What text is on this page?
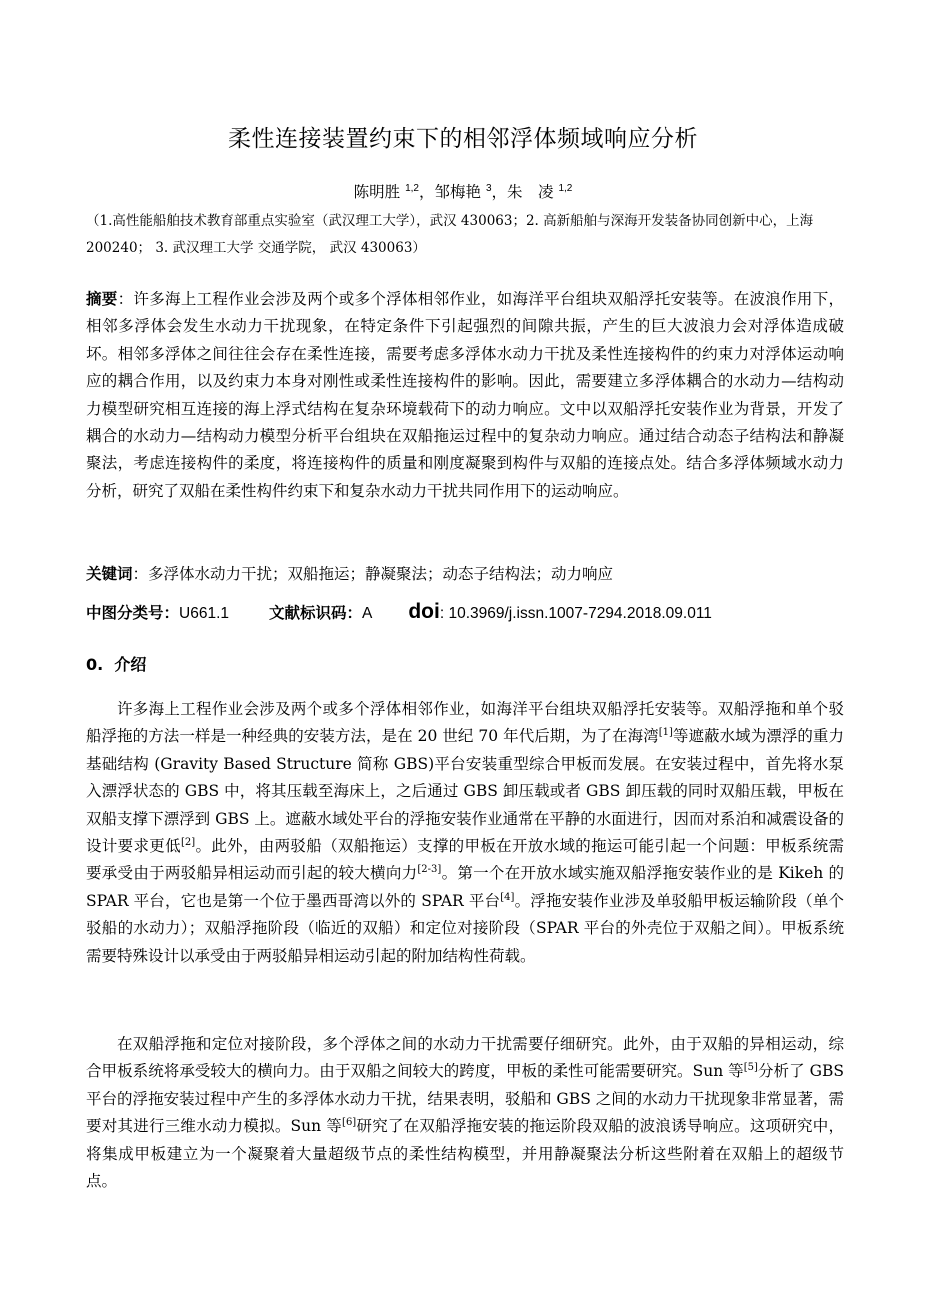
柔性连接装置约束下的相邻浮体频域响应分析
陈明胜 $^{1,2}$，邹梅艳 $^3$，朱　凌 $^{1,2}$
（1.高性能船舶技术教育部重点实验室（武汉理工大学），武汉 430063；2. 高新船舶与深海开发装备协同创新中心，上海 200240； 3. 武汉理工大学 交通学院， 武汉 430063）
摘要：许多海上工程作业会涉及两个或多个浮体相邻作业，如海洋平台组块双船浮托安装等。在波浪作用下，相邻多浮体会发生水动力干扰现象，在特定条件下引起强烈的间隙共振，产生的巨大波浪力会对浮体造成破坏。相邻多浮体之间往往会存在柔性连接，需要考虑多浮体水动力干扰及柔性连接构件的约束力对浮体运动响应的耦合作用，以及约束力本身对刚性或柔性连接构件的影响。因此，需要建立多浮体耦合的水动力—结构动力模型研究相互连接的海上浮式结构在复杂环境载荷下的动力响应。文中以双船浮托安装作业为背景，开发了耦合的水动力—结构动力模型分析平台组块在双船拖运过程中的复杂动力响应。通过结合动态子结构法和静凝聚法，考虑连接构件的柔度，将连接构件的质量和刚度凝聚到构件与双船的连接点处。结合多浮体频域水动力分析，研究了双船在柔性构件约束下和复杂水动力干扰共同作用下的运动响应。
关键词：多浮体水动力干扰；双船拖运；静凝聚法；动态子结构法；动力响应
中图分类号：U661.1	文献标识码：A doi: 10.3969/j.issn.1007-7294.2018.09.011
0. 介绍
许多海上工程作业会涉及两个或多个浮体相邻作业，如海洋平台组块双船浮托安装等。双船浮拖和单个驳船浮拖的方法一样是一种经典的安装方法，是在 20 世纪 70 年代后期，为了在海湾[1]等遮蔽水域为漂浮的重力基础结构 (Gravity Based Structure 简称 GBS)平台安装重型综合甲板而发展。在安装过程中，首先将水泵入漂浮状态的 GBS 中，将其压载至海床上，之后通过 GBS 卸压载或者 GBS 卸压载的同时双船压载，甲板在双船支撑下漂浮到 GBS 上。遮蔽水域处平台的浮拖安装作业通常在平静的水面进行，因而对系泊和减震设备的设计要求更低[2]。此外，由两驳船（双船拖运）支撑的甲板在开放水域的拖运可能引起一个问题：甲板系统需要承受由于两驳船异相运动而引起的较大横向力[2-3]。第一个在开放水域实施双船浮拖安装作业的是 Kikeh 的 SPAR 平台，它也是第一个位于墨西哥湾以外的 SPAR 平台[4]。浮拖安装作业涉及单驳船甲板运输阶段（单个驳船的水动力）；双船浮拖阶段（临近的双船）和定位对接阶段（SPAR 平台的外壳位于双船之间）。甲板系统需要特殊设计以承受由于两驳船异相运动引起的附加结构性荷载。
在双船浮拖和定位对接阶段，多个浮体之间的水动力干扰需要仔细研究。此外，由于双船的异相运动，综合甲板系统将承受较大的横向力。由于双船之间较大的跨度，甲板的柔性可能需要研究。Sun 等[5]分析了 GBS 平台的浮拖安装过程中产生的多浮体水动力干扰，结果表明，驳船和 GBS 之间的水动力干扰现象非常显著，需要对其进行三维水动力模拟。Sun 等[6]研究了在双船浮拖安装的拖运阶段双船的波浪诱导响应。这项研究中，将集成甲板建立为一个凝聚着大量超级节点的柔性结构模型，并用静凝聚法分析这些附着在双船上的超级节点。
